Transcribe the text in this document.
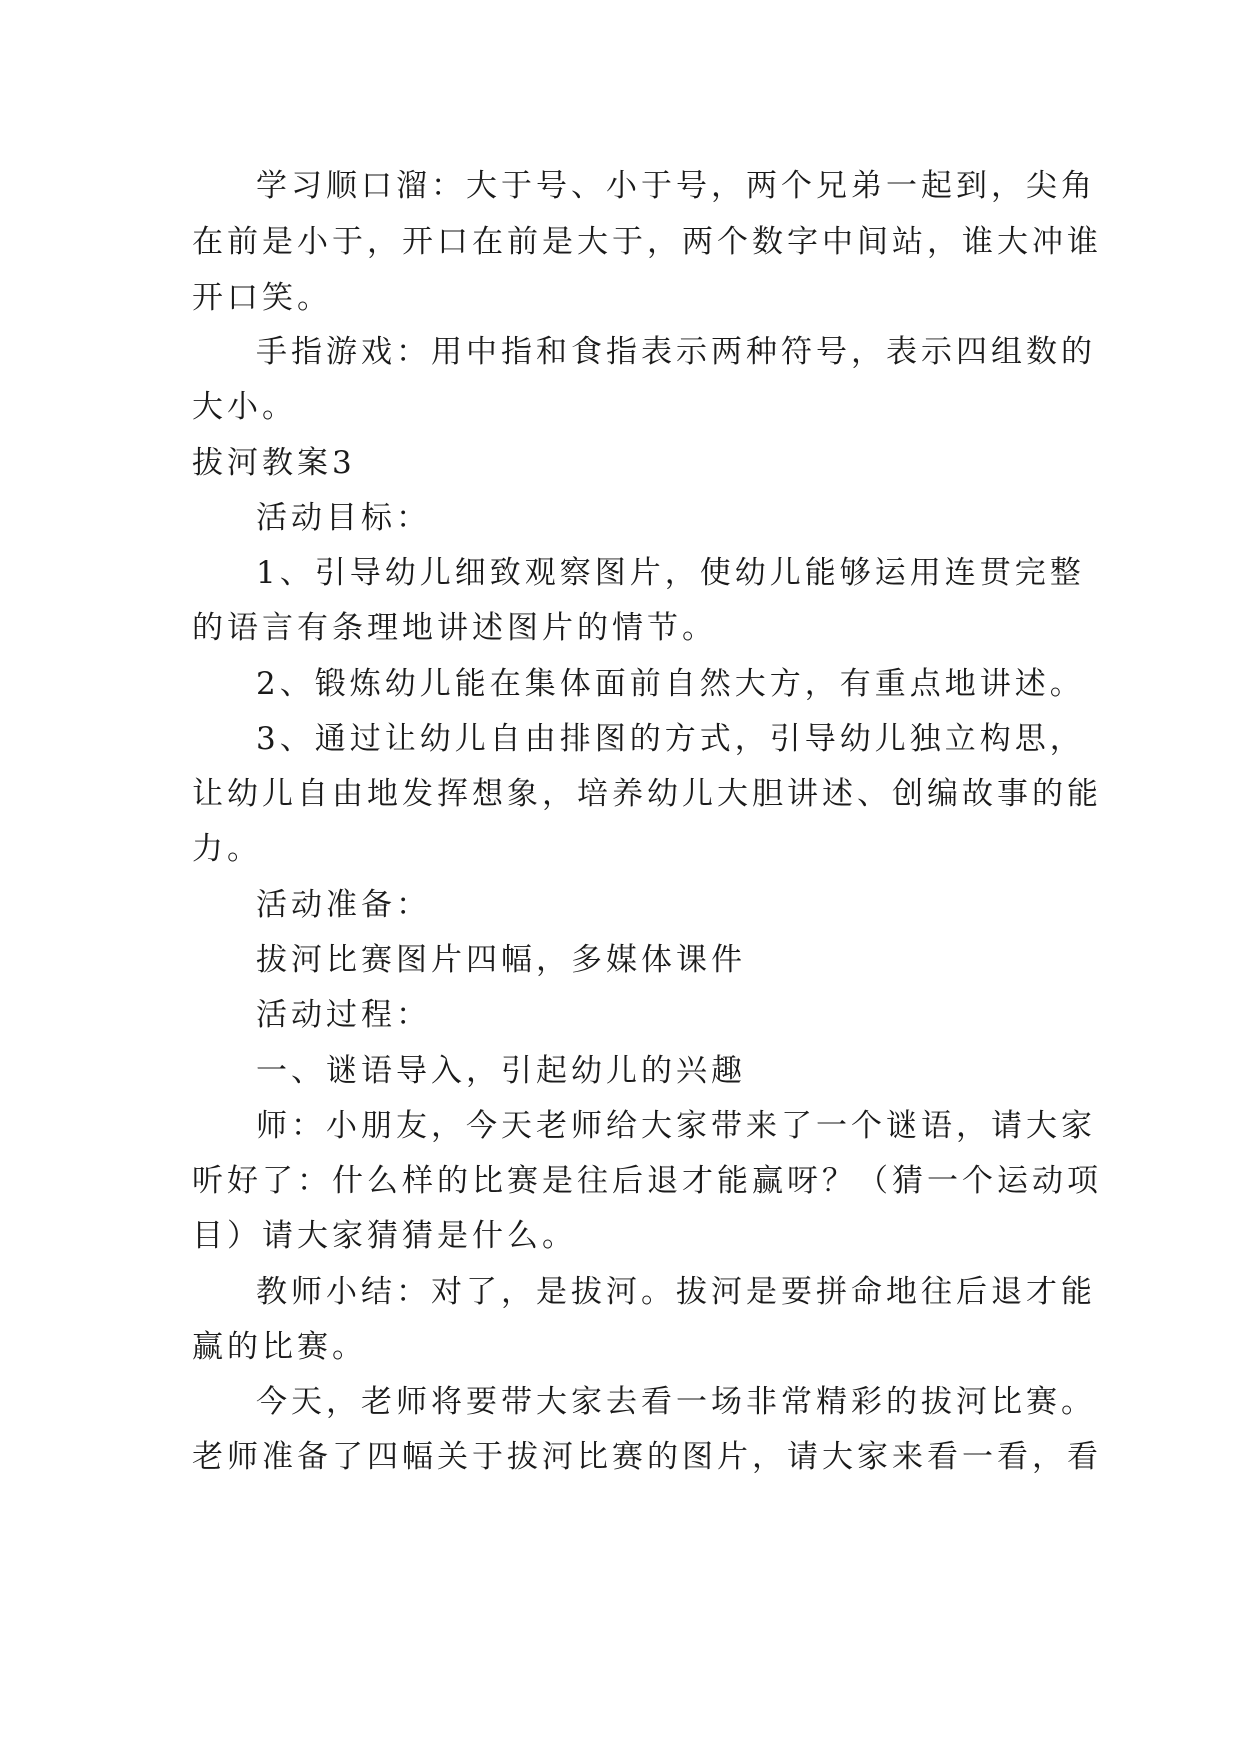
学习顺口溜：大于号、小于号，两个兄弟一起到，尖角
在前是小于，开口在前是大于，两个数字中间站，谁大冲谁
开口笑。
手指游戏：用中指和食指表示两种符号，表示四组数的
大小。
拔河教案3
活动目标：
1、引导幼儿细致观察图片，使幼儿能够运用连贯完整
的语言有条理地讲述图片的情节。
2、锻炼幼儿能在集体面前自然大方，有重点地讲述。
3、通过让幼儿自由排图的方式，引导幼儿独立构思，
让幼儿自由地发挥想象，培养幼儿大胆讲述、创编故事的能
力。
活动准备：
拔河比赛图片四幅，多媒体课件
活动过程：
一、谜语导入，引起幼儿的兴趣
师：小朋友，今天老师给大家带来了一个谜语，请大家
听好了：什么样的比赛是往后退才能赢呀？（猜一个运动项
目）请大家猜猜是什么。
教师小结：对了，是拔河。拔河是要拼命地往后退才能
赢的比赛。
今天，老师将要带大家去看一场非常精彩的拔河比赛。
老师准备了四幅关于拔河比赛的图片，请大家来看一看，看
